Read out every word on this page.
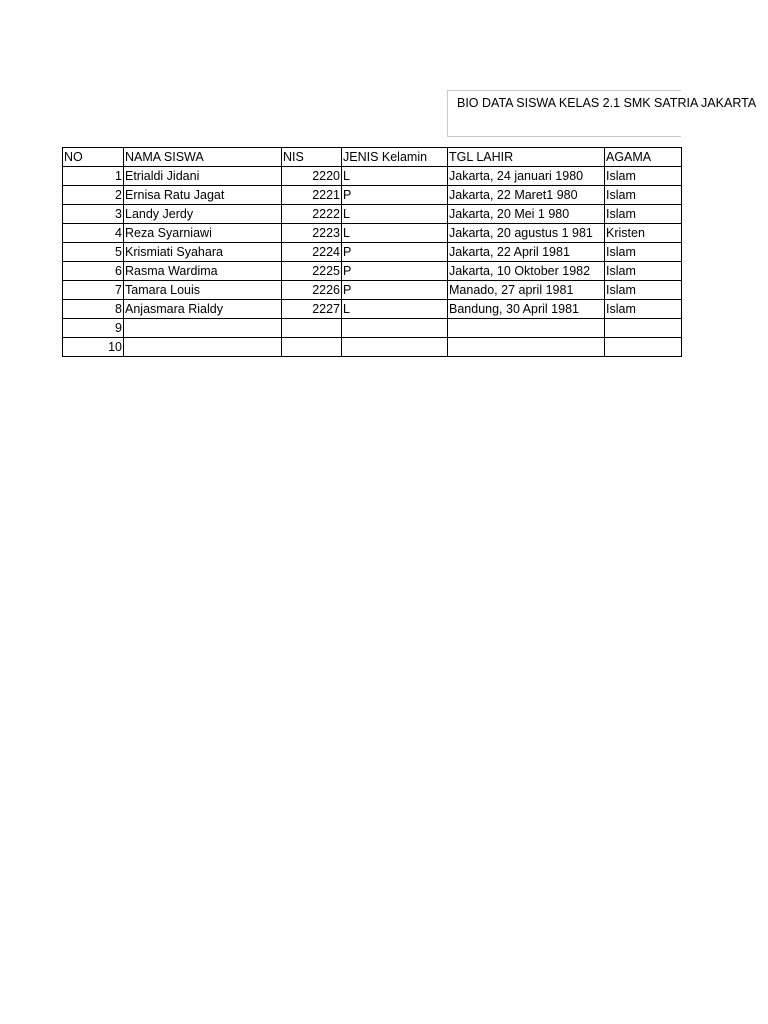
BIO DATA SISWA KELAS 2.1 SMK SATRIA JAKARTA
NO	NAMA SISWA	NIS	JENIS Kelamin	TGL LAHIR	AGAMA
1	Etrialdi Jidani	2220	L	Jakarta, 24 januari 1980	Islam
2	Ernisa Ratu Jagat	2221	P	Jakarta, 22 Maret1 980	Islam
3	Landy Jerdy	2222	L	Jakarta, 20 Mei 1 980	Islam
4	Reza Syarniawi	2223	L	Jakarta, 20 agustus 1 981	Kristen
5	Krismiati Syahara	2224	P	Jakarta, 22 April 1981	Islam
6	Rasma Wardima	2225	P	Jakarta, 10 Oktober 1982	Islam
7	Tamara Louis	2226	P	Manado, 27 april 1981	Islam
8	Anjasmara Rialdy	2227	L	Bandung, 30 April 1981	Islam
9					
10					
